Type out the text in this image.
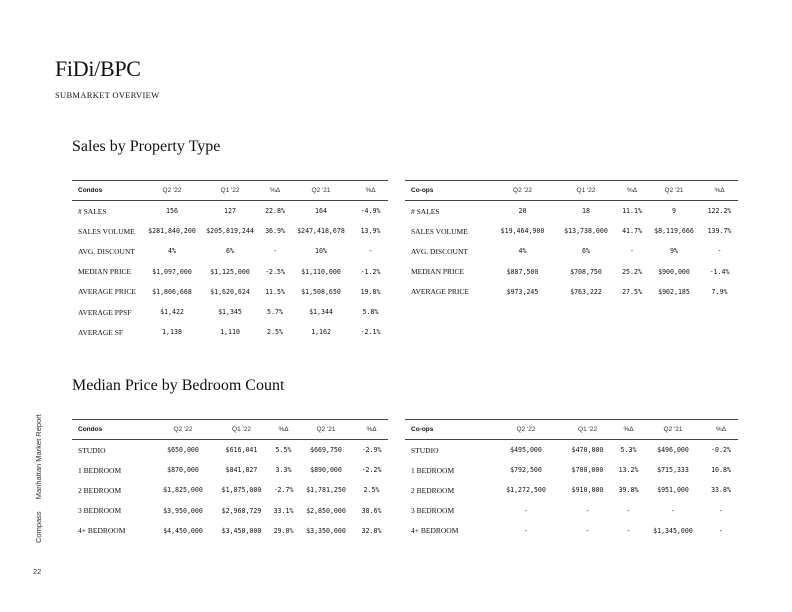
FiDi/BPC
SUBMARKET OVERVIEW
Sales by Property Type
Condos	Q2 '22	Q1 '22	%Δ	Q2 '21	%Δ
# SALES	156	127	22.8%	164	-4.9%
SALES VOLUME	$281,840,200	$205,819,244	36.9%	$247,418,678	13.9%
AVG. DISCOUNT	4%	6%	-	10%	-
MEDIAN PRICE	$1,097,000	$1,125,000	-2.5%	$1,110,000	-1.2%
AVERAGE PRICE	$1,806,668	$1,620,624	11.5%	$1,508,650	19.8%
AVERAGE PPSF	$1,422	$1,345	5.7%	$1,344	5.8%
AVERAGE SF	1,138	1,110	2.5%	1,162	-2.1%
Co-ops	Q2 '22	Q1 '22	%Δ	Q2 '21	%Δ
# SALES	20	18	11.1%	9	122.2%
SALES VOLUME	$19,464,900	$13,738,000	41.7%	$8,119,666	139.7%
AVG. DISCOUNT	4%	6%	-	9%	-
MEDIAN PRICE	$887,500	$708,750	25.2%	$900,000	-1.4%
AVERAGE PRICE	$973,245	$763,222	27.5%	$902,185	7.9%
Median Price by Bedroom Count
Condos	Q2 '22	Q1 '22	%Δ	Q2 '21	%Δ
STUDIO	$650,000	$616,041	5.5%	$669,750	-2.9%
1 BEDROOM	$870,000	$841,827	3.3%	$890,000	-2.2%
2 BEDROOM	$1,825,000	$1,875,000	-2.7%	$1,781,250	2.5%
3 BEDROOM	$3,950,000	$2,968,729	33.1%	$2,850,000	38.6%
4+ BEDROOM	$4,450,000	$3,450,000	29.0%	$3,350,000	32.8%
Co-ops	Q2 '22	Q1 '22	%Δ	Q2 '21	%Δ
STUDIO	$495,000	$470,000	5.3%	$496,000	-0.2%
1 BEDROOM	$792,500	$700,000	13.2%	$715,333	10.8%
2 BEDROOM	$1,272,500	$910,000	39.8%	$951,000	33.8%
3 BEDROOM	-	-	-	-	-
4+ BEDROOM	-	-	-	$1,345,000	-
Compass Manhattan Market Report
22
